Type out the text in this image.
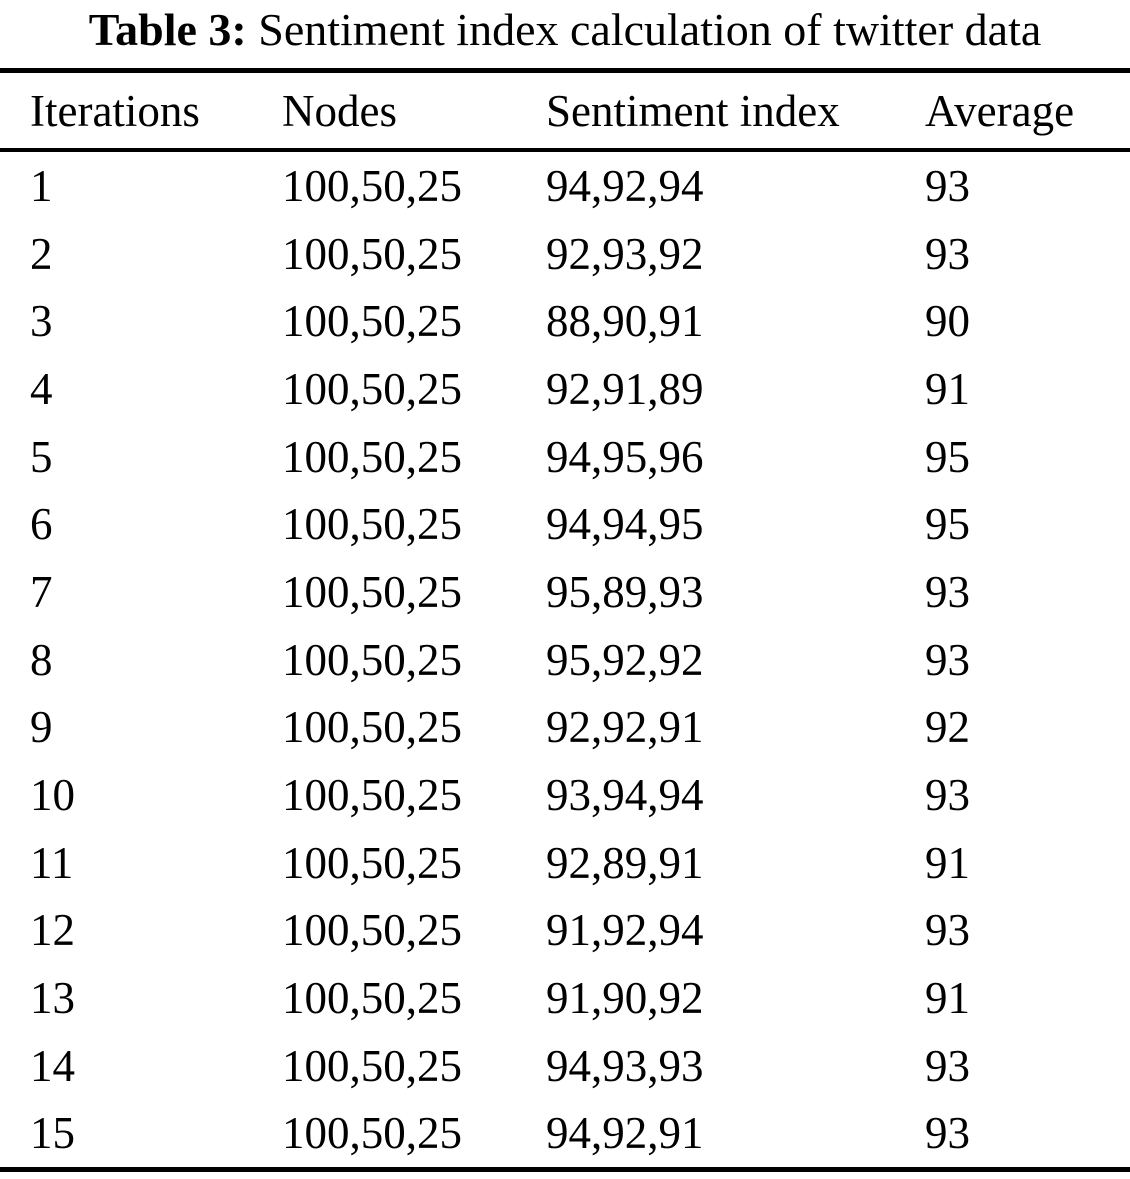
Table 3: Sentiment index calculation of twitter data
Iterations	Nodes	Sentiment index	Average
1	100,50,25	94,92,94	93
2	100,50,25	92,93,92	93
3	100,50,25	88,90,91	90
4	100,50,25	92,91,89	91
5	100,50,25	94,95,96	95
6	100,50,25	94,94,95	95
7	100,50,25	95,89,93	93
8	100,50,25	95,92,92	93
9	100,50,25	92,92,91	92
10	100,50,25	93,94,94	93
11	100,50,25	92,89,91	91
12	100,50,25	91,92,94	93
13	100,50,25	91,90,92	91
14	100,50,25	94,93,93	93
15	100,50,25	94,92,91	93
